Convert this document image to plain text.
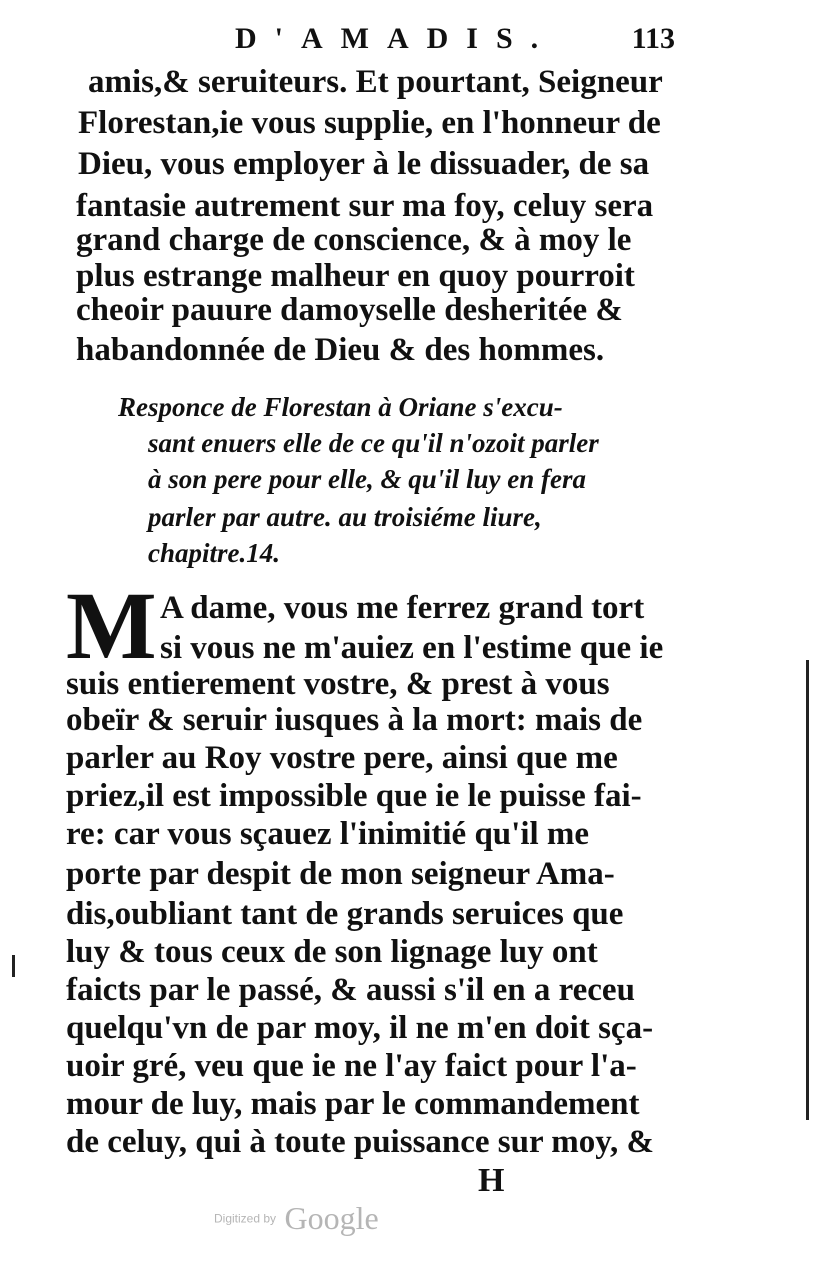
D'AMADIS.	113
amis,& seruiteurs. Et pourtant, Seigneur
Florestan,ie vous supplie, en l'honneur de
Dieu, vous employer à le dissuader, de sa
fantasie autrement sur ma foy, celuy sera
grand charge de conscience, & à moy le
plus estrange malheur en quoy pourroit
cheoir pauure damoyselle desheritée &
habandonnée de Dieu & des hommes.
Responce de Florestan à Oriane s'excu-
sant enuers elle de ce qu'il n'ozoit parler
à son pere pour elle, & qu'il luy en fera
parler par autre. au troisiéme liure,
chapitre.14.
M A dame, vous me ferrez grand tort
si vous ne m'auiez en l'estime que ie
suis entierement vostre, & prest à vous
obeïr & seruir iusques à la mort: mais de
parler au Roy vostre pere, ainsi que me
priez,il est impossible que ie le puisse fai-
re: car vous sçauez l'inimitié qu'il me
porte par despit de mon seigneur Ama-
dis,oubliant tant de grands seruices que
luy & tous ceux de son lignage luy ont
faicts par le passé, & aussi s'il en a receu
quelqu'vn de par moy, il ne m'en doit sça-
uoir gré, veu que ie ne l'ay faict pour l'a-
mour de luy, mais par le commandement
de celuy, qui à toute puissance sur moy, &
H
Digitized by Google
